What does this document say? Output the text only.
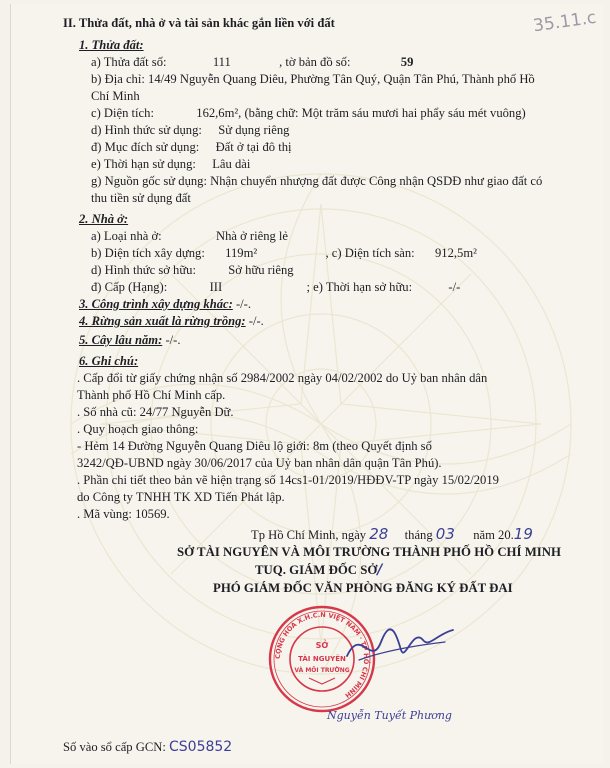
35.11.c
II. Thửa đất, nhà ở và tài sản khác gắn liền với đất
1. Thửa đất:
a) Thửa đất số:	111	, tờ bản đồ số:	59
b) Địa chỉ: 14/49 Nguyễn Quang Diêu, Phường Tân Quý, Quận Tân Phú, Thành phố Hồ
Chí Minh
c) Diện tích:	162,6m², (bằng chữ: Một trăm sáu mươi hai phẩy sáu mét vuông)
d) Hình thức sử dụng: Sử dụng riêng
đ) Mục đích sử dụng: Đất ở tại đô thị
e) Thời hạn sử dụng: Lâu dài
g) Nguồn gốc sử dụng: Nhận chuyển nhượng đất được Công nhận QSDĐ như giao đất có
thu tiền sử dụng đất
2. Nhà ở:
a) Loại nhà ở:	Nhà ở riêng lẻ
b) Diện tích xây dựng: 119m²	, c) Diện tích sàn: 912,5m²
d) Hình thức sở hữu:	Sở hữu riêng
đ) Cấp (Hạng):	III	; e) Thời hạn sở hữu:	-/-
3. Công trình xây dựng khác: -/-.
4. Rừng sản xuất là rừng trồng: -/-.
5. Cây lâu năm: -/-.
6. Ghi chú:
. Cấp đổi từ giấy chứng nhận số 2984/2002 ngày 04/02/2002 do Uỷ ban nhân dân
Thành phố Hồ Chí Minh cấp.
. Số nhà cũ: 24/77 Nguyễn Dữ.
. Quy hoạch giao thông:
- Hẻm 14 Đường Nguyễn Quang Diêu lộ giới: 8m (theo Quyết định số
3242/QĐ-UBND ngày 30/06/2017 của Uỷ ban nhân dân quận Tân Phú).
. Phần chi tiết theo bản vẽ hiện trạng số 14cs1-01/2019/HĐĐV-TP ngày 15/02/2019
do Công ty TNHH TK XD Tiến Phát lập.
. Mã vùng: 10569.
Tp Hồ Chí Minh, ngày 28 tháng 03 năm 20.19
SỞ TÀI NGUYÊN VÀ MÔI TRƯỜNG THÀNH PHỐ HỒ CHÍ MINH
TUQ. GIÁM ĐỐC SỞ/
PHÓ GIÁM ĐỐC VĂN PHÒNG ĐĂNG KÝ ĐẤT ĐAI
CỘNG HÒA X.H.C.N VIỆT NAM · TP HỒ CHÍ MINH
SỞ
TÀI NGUYÊN
VÀ MÔI TRƯỜNG
Nguyễn Tuyết Phương
Số vào sổ cấp GCN: CS05852
